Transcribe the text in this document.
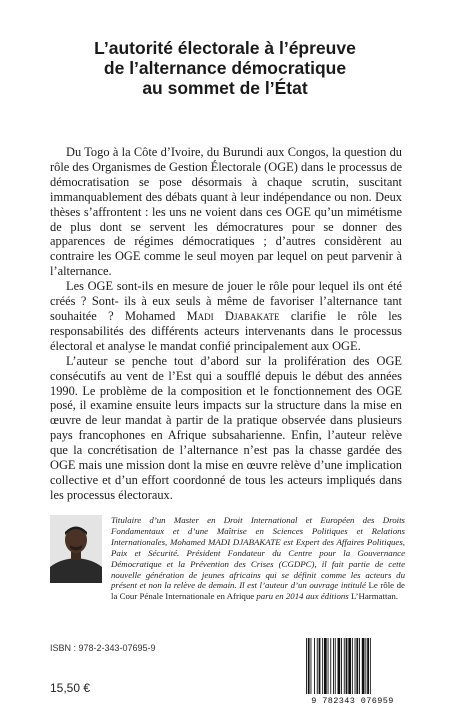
L’autorité électorale à l’épreuve
de l’alternance démocratique
au sommet de l’État

Du Togo à la Côte d’Ivoire, du Burundi aux Congos, la question du rôle des Organismes de Gestion Électorale (OGE) dans le processus de démocratisation se pose désormais à chaque scrutin, suscitant immanquablement des débats quant à leur indépendance ou non. Deux thèses s’affrontent : les uns ne voient dans ces OGE qu’un mimétisme de plus dont se servent les démocratures pour se donner des apparences de régimes démocratiques ; d’autres considèrent au contraire les OGE comme le seul moyen par lequel on peut parvenir à l’alternance.

Les OGE sont-ils en mesure de jouer le rôle pour lequel ils ont été créés ? Sont- ils à eux seuls à même de favoriser l’alternance tant souhaitée ? Mohamed Madi Djabakate clarifie le rôle les responsabilités des différents acteurs intervenants dans le processus électoral et analyse le mandat confié principalement aux OGE.

L’auteur se penche tout d’abord sur la prolifération des OGE consécutifs au vent de l’Est qui a soufflé depuis le début des années 1990. Le problème de la composition et le fonctionnement des OGE posé, il examine ensuite leurs impacts sur la structure dans la mise en œuvre de leur mandat à partir de la pratique observée dans plusieurs pays francophones en Afrique subsaharienne. Enfin, l’auteur relève que la concrétisation de l’alternance n’est pas la chasse gardée des OGE mais une mission dont la mise en œuvre relève d’une implication collective et d’un effort coordonné de tous les acteurs impliqués dans les processus électoraux.

Titulaire d’un Master en Droit International et Européen des Droits Fondamentaux et d’une Maîtrise en Sciences Politiques et Relations Internationales, Mohamed MADI DJABAKATE est Expert des Affaires Politiques, Paix et Sécurité. Président Fondateur du Centre pour la Gouvernance Démocratique et la Prévention des Crises (CGDPC), il fait partie de cette nouvelle génération de jeunes africains qui se définit comme les acteurs du présent et non la relève de demain. Il est l’auteur d’un ouvrage intitulé Le rôle de la Cour Pénale Internationale en Afrique paru en 2014 aux éditions L’Harmattan.
ISBN : 978-2-343-07695-9
15,50 €
9 782343 076959
